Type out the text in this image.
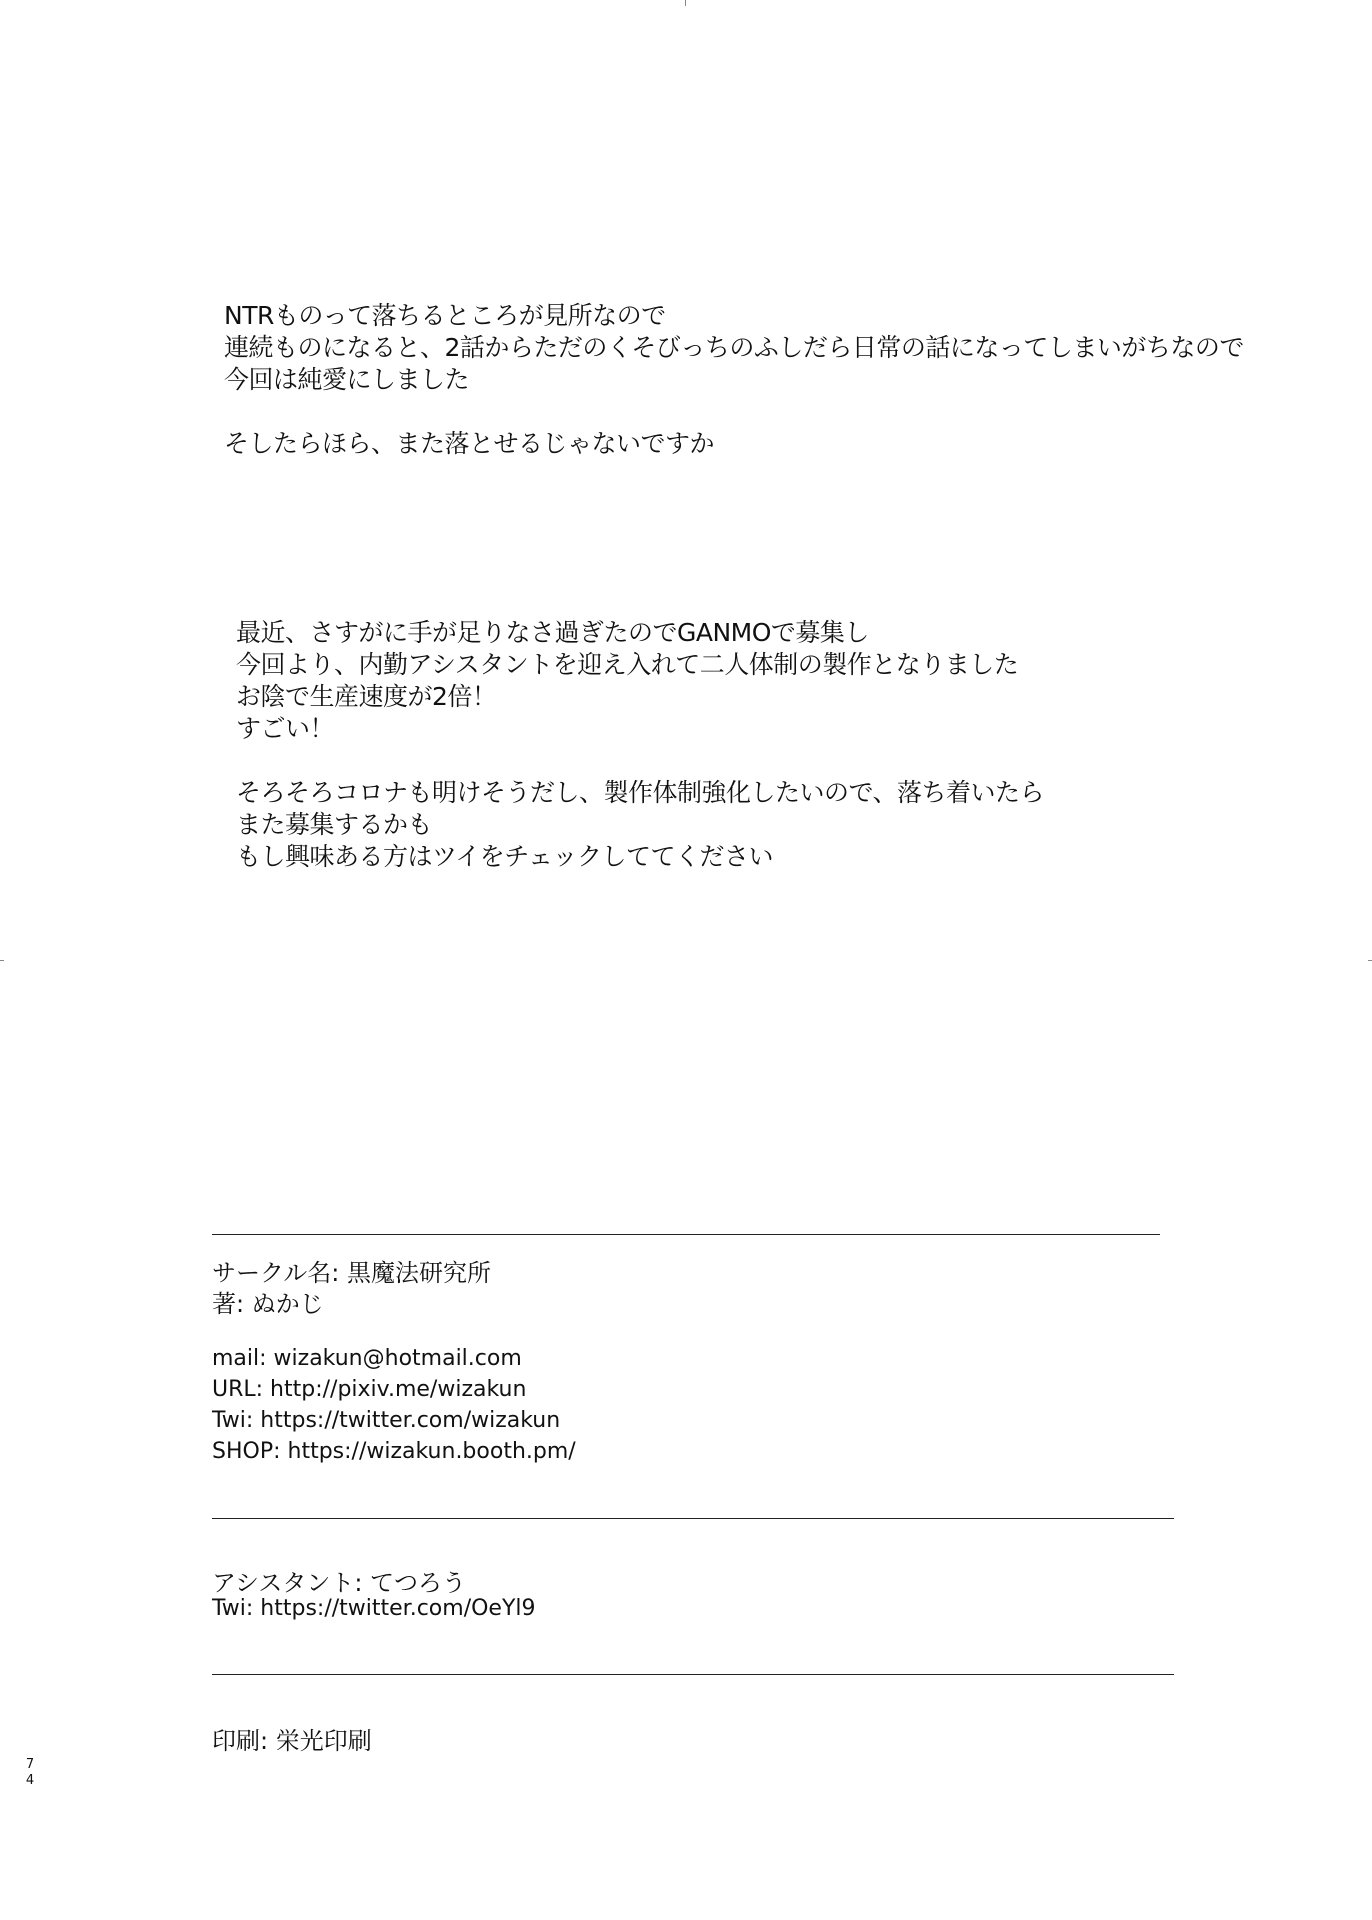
NTRものって落ちるところが見所なので
連続ものになると、2話からただのくそびっちのふしだら日常の話になってしまいがちなので
今回は純愛にしました
そしたらほら、また落とせるじゃないですか
最近、さすがに手が足りなさ過ぎたのでGANMOで募集し
今回より、内勤アシスタントを迎え入れて二人体制の製作となりました
お陰で生産速度が2倍！
すごい！
そろそろコロナも明けそうだし、製作体制強化したいので、落ち着いたら
また募集するかも
もし興味ある方はツイをチェックしててください
サークル名: 黒魔法研究所
著: ぬかじ
mail: wizakun@hotmail.com
URL: http://pixiv.me/wizakun
Twi: https://twitter.com/wizakun
SHOP: https://wizakun.booth.pm/
アシスタント: てつろう
Twi: https://twitter.com/OeYl9
印刷: 栄光印刷
74
